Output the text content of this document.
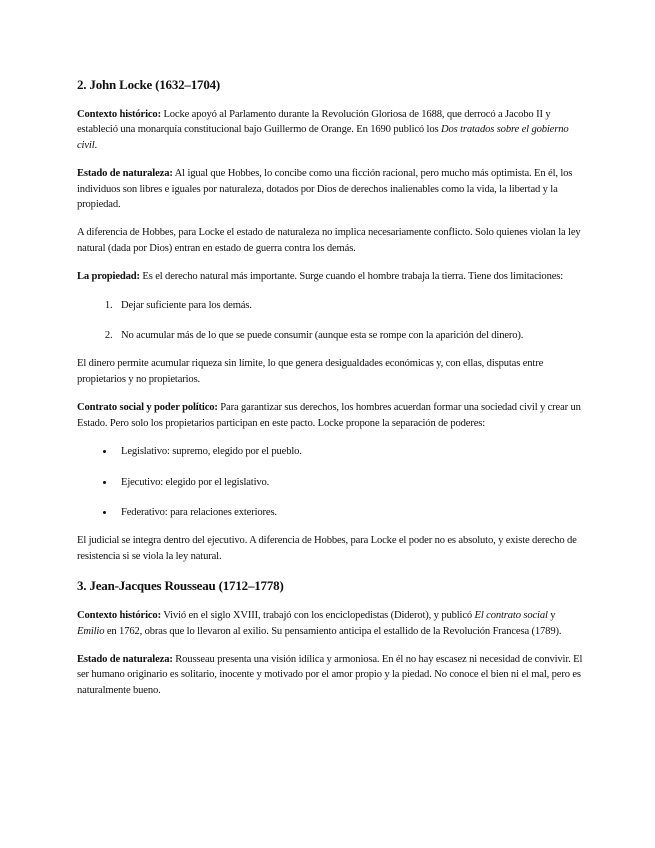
2. John Locke (1632–1704)

Contexto histórico: Locke apoyó al Parlamento durante la Revolución Gloriosa de 1688, que derrocó a Jacobo II y estableció una monarquía constitucional bajo Guillermo de Orange. En 1690 publicó los Dos tratados sobre el gobierno civil.

Estado de naturaleza: Al igual que Hobbes, lo concibe como una ficción racional, pero mucho más optimista. En él, los individuos son libres e iguales por naturaleza, dotados por Dios de derechos inalienables como la vida, la libertad y la propiedad.

A diferencia de Hobbes, para Locke el estado de naturaleza no implica necesariamente conflicto. Solo quienes violan la ley natural (dada por Dios) entran en estado de guerra contra los demás.

La propiedad: Es el derecho natural más importante. Surge cuando el hombre trabaja la tierra. Tiene dos limitaciones:

1. Dejar suficiente para los demás.
2. No acumular más de lo que se puede consumir (aunque esta se rompe con la aparición del dinero).

El dinero permite acumular riqueza sin límite, lo que genera desigualdades económicas y, con ellas, disputas entre propietarios y no propietarios.

Contrato social y poder político: Para garantizar sus derechos, los hombres acuerdan formar una sociedad civil y crear un Estado. Pero solo los propietarios participan en este pacto. Locke propone la separación de poderes:

• Legislativo: supremo, elegido por el pueblo.
• Ejecutivo: elegido por el legislativo.
• Federativo: para relaciones exteriores.

El judicial se integra dentro del ejecutivo. A diferencia de Hobbes, para Locke el poder no es absoluto, y existe derecho de resistencia si se viola la ley natural.

3. Jean-Jacques Rousseau (1712–1778)

Contexto histórico: Vivió en el siglo XVIII, trabajó con los enciclopedistas (Diderot), y publicó El contrato social y Emilio en 1762, obras que lo llevaron al exilio. Su pensamiento anticipa el estallido de la Revolución Francesa (1789).

Estado de naturaleza: Rousseau presenta una visión idílica y armoniosa. En él no hay escasez ni necesidad de convivir. El ser humano originario es solitario, inocente y motivado por el amor propio y la piedad. No conoce el bien ni el mal, pero es naturalmente bueno.
